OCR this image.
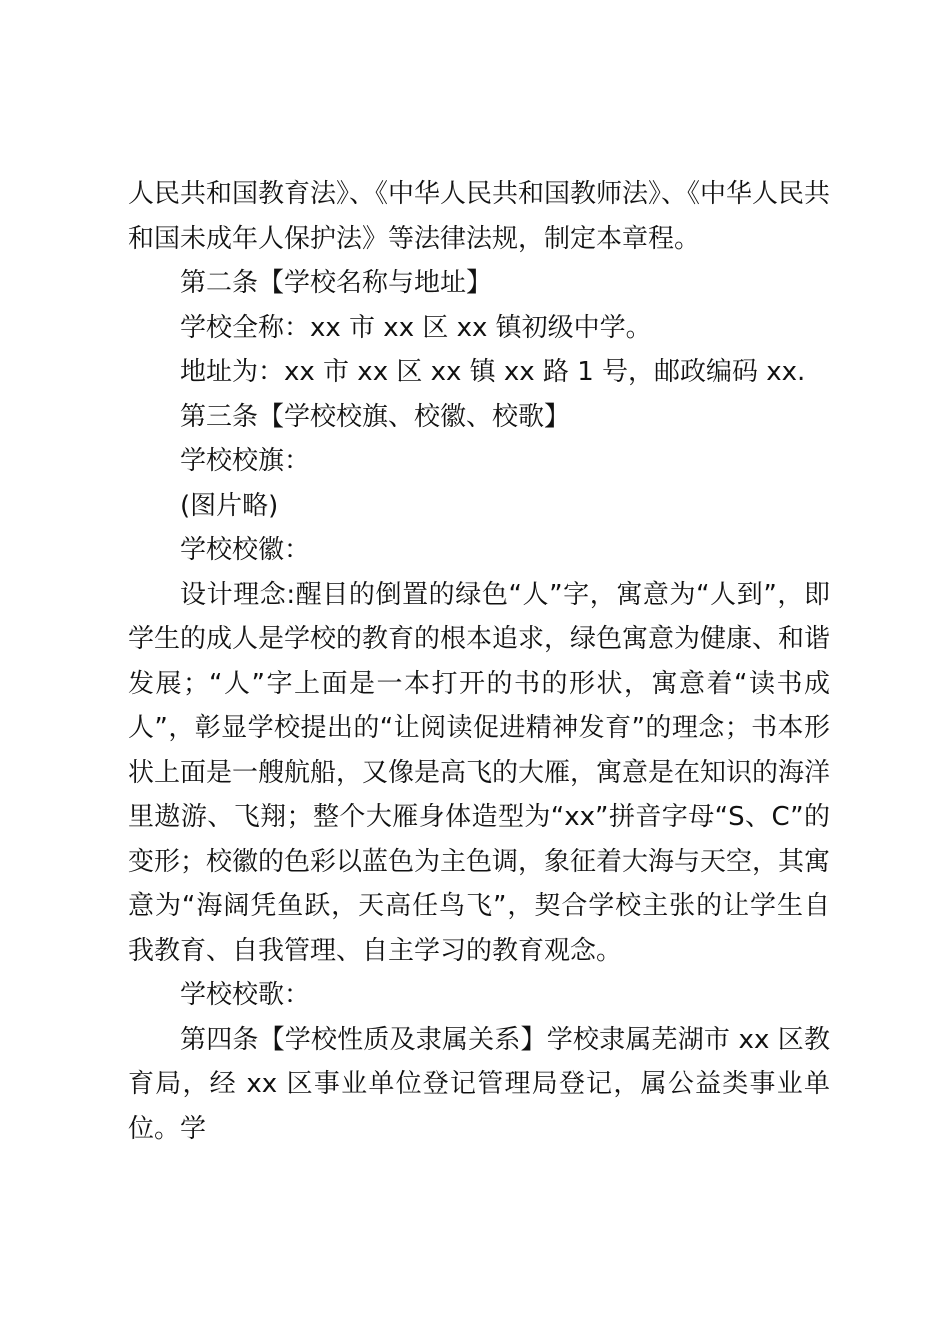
人民共和国教育法》、《中华人民共和国教师法》、《中华人民共和国未成年人保护法》等法律法规，制定本章程。

第二条【学校名称与地址】

学校全称：xx 市 xx 区 xx 镇初级中学。

地址为：xx 市 xx 区 xx 镇 xx 路 1 号，邮政编码 xx.

第三条【学校校旗、校徽、校歌】

学校校旗：

(图片略)

学校校徽：

设计理念:醒目的倒置的绿色“人”字，寓意为“人到”，即学生的成人是学校的教育的根本追求，绿色寓意为健康、和谐发展；“人”字上面是一本打开的书的形状，寓意着“读书成人”，彰显学校提出的“让阅读促进精神发育”的理念；书本形状上面是一艘航船，又像是高飞的大雁，寓意是在知识的海洋里遨游、飞翔；整个大雁身体造型为“xx”拼音字母“S、C”的变形；校徽的色彩以蓝色为主色调，象征着大海与天空，其寓意为“海阔凭鱼跃，天高任鸟飞”，契合学校主张的让学生自我教育、自我管理、自主学习的教育观念。

学校校歌：

第四条【学校性质及隶属关系】学校隶属芜湖市 xx 区教育局，经 xx 区事业单位登记管理局登记，属公益类事业单位。学
